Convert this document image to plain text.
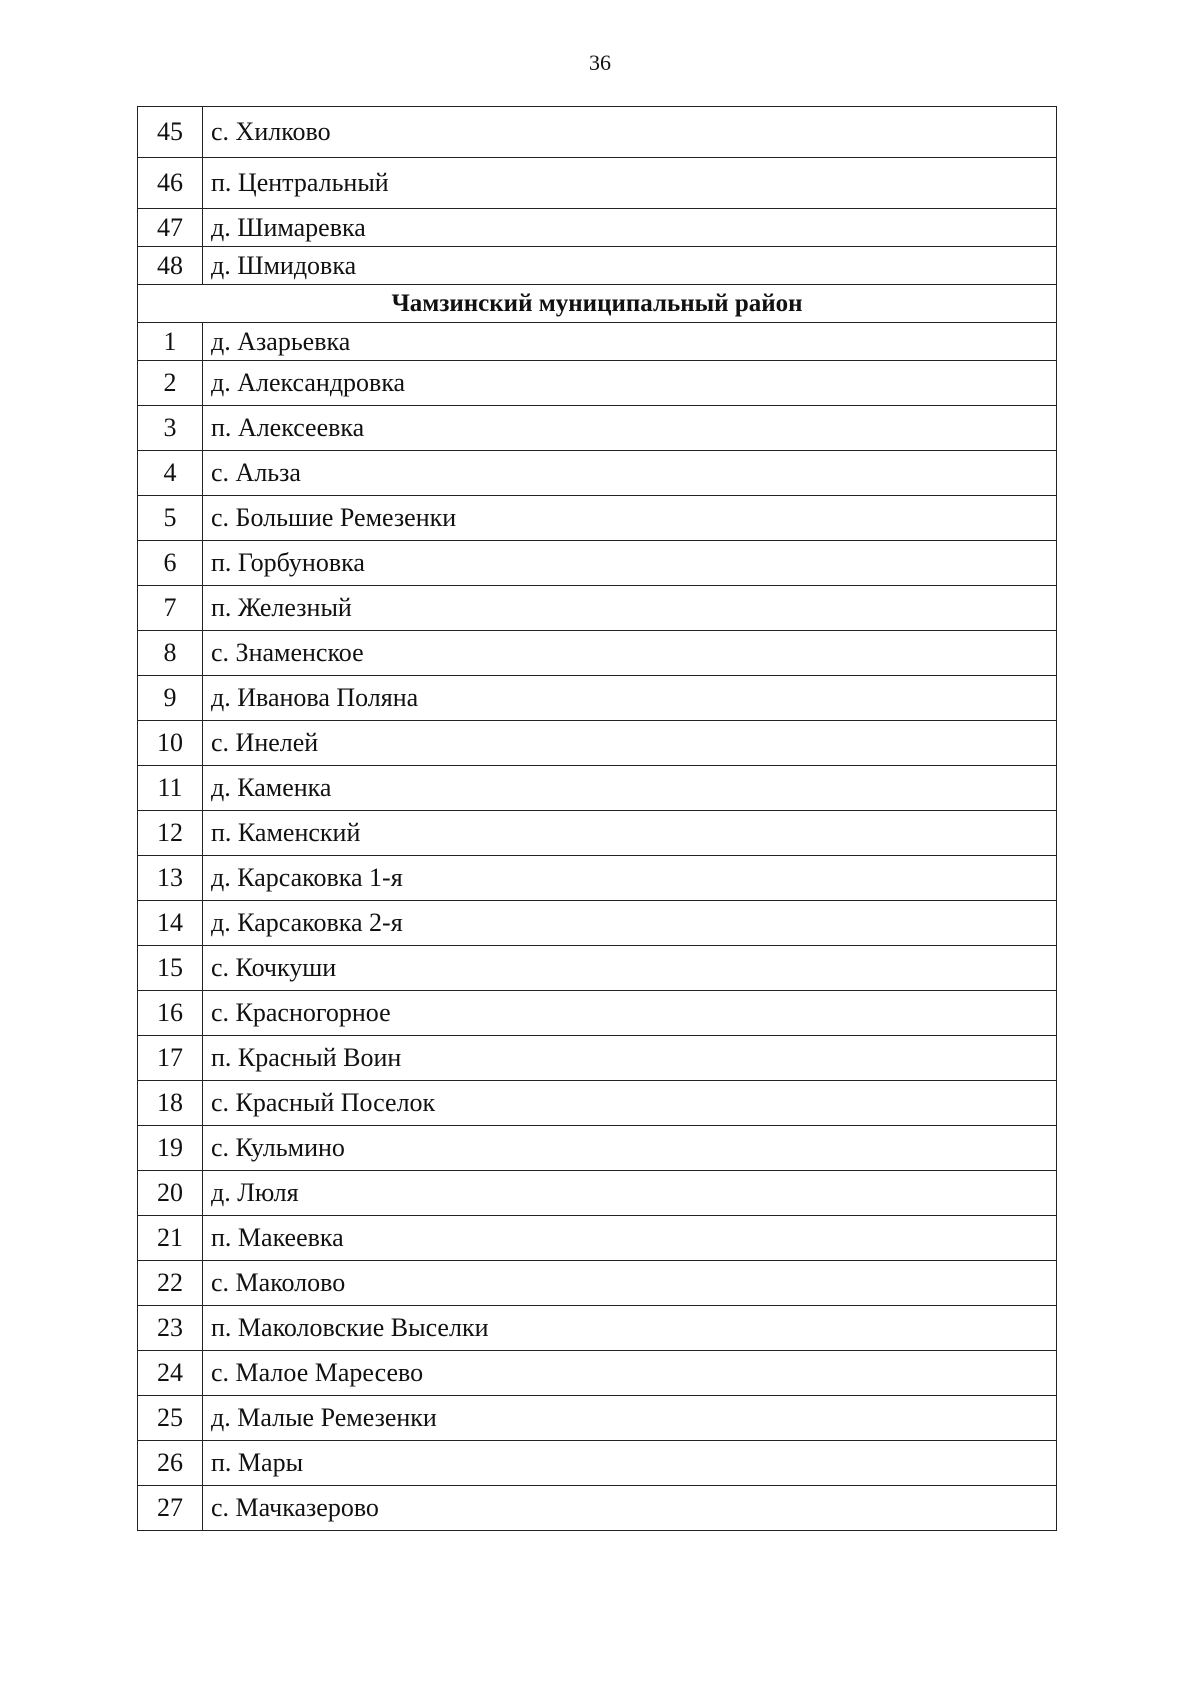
36
45	с. Хилково
46	п. Центральный
47	д. Шимаревка
48	д. Шмидовка
Чамзинский муниципальный район	
1	д. Азарьевка
2	д. Александровка
3	п. Алексеевка
4	с. Альза
5	с. Большие Ремезенки
6	п. Горбуновка
7	п. Железный
8	с. Знаменское
9	д. Иванова Поляна
10	с. Инелей
11	д. Каменка
12	п. Каменский
13	д. Карсаковка 1-я
14	д. Карсаковка 2-я
15	с. Кочкуши
16	с. Красногорное
17	п. Красный Воин
18	с. Красный Поселок
19	с. Кульмино
20	д. Люля
21	п. Макеевка
22	с. Маколово
23	п. Маколовские Выселки
24	с. Малое Маресево
25	д. Малые Ремезенки
26	п. Мары
27	с. Мачказерово
